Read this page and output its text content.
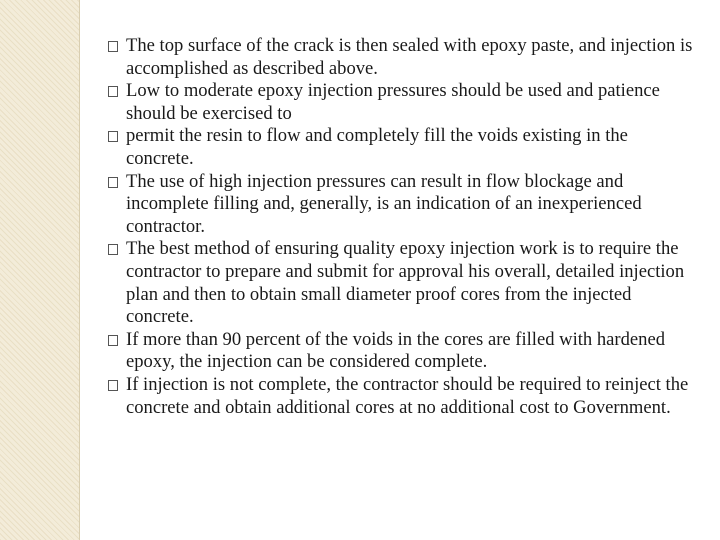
The top surface of the crack is then sealed with epoxy paste, and injection is accomplished as described above.
Low to moderate epoxy injection pressures should be used and patience should be exercised to
permit the resin to flow and completely fill the voids existing in the concrete.
The use of high injection pressures can result in flow blockage and incomplete filling and, generally, is an indication of an inexperienced contractor.
The best method of ensuring quality epoxy injection work is to require the contractor to prepare and submit for approval his overall, detailed injection plan and then to obtain small diameter proof cores from the injected concrete.
If more than 90 percent of the voids in the cores are filled with hardened epoxy, the injection can be considered complete.
If injection is not complete, the contractor should be required to reinject the concrete and obtain additional cores at no additional cost to Government.
